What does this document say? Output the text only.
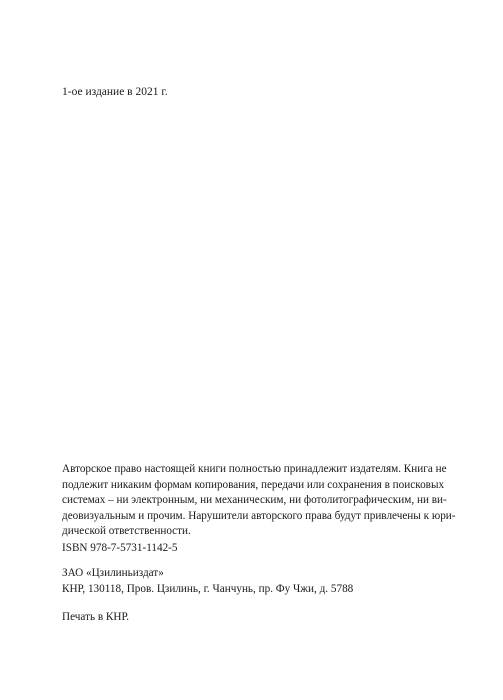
1-ое издание в 2021 г.
Авторское право настоящей книги полностью принадлежит издателям. Книга не
подлежит никаким формам копирования, передачи или сохранения в поисковых
системах – ни электронным, ни механическим, ни фотолитографическим, ни ви-
деовизуальным и прочим. Нарушители авторского права будут привлечены к юри-
дической ответственности.
ISBN 978-7-5731-1142-5
ЗАО «Цзилиньиздат»
КНР, 130118, Пров. Цзилинь, г. Чанчунь, пр. Фу Чжи, д. 5788
Печать в КНР.
